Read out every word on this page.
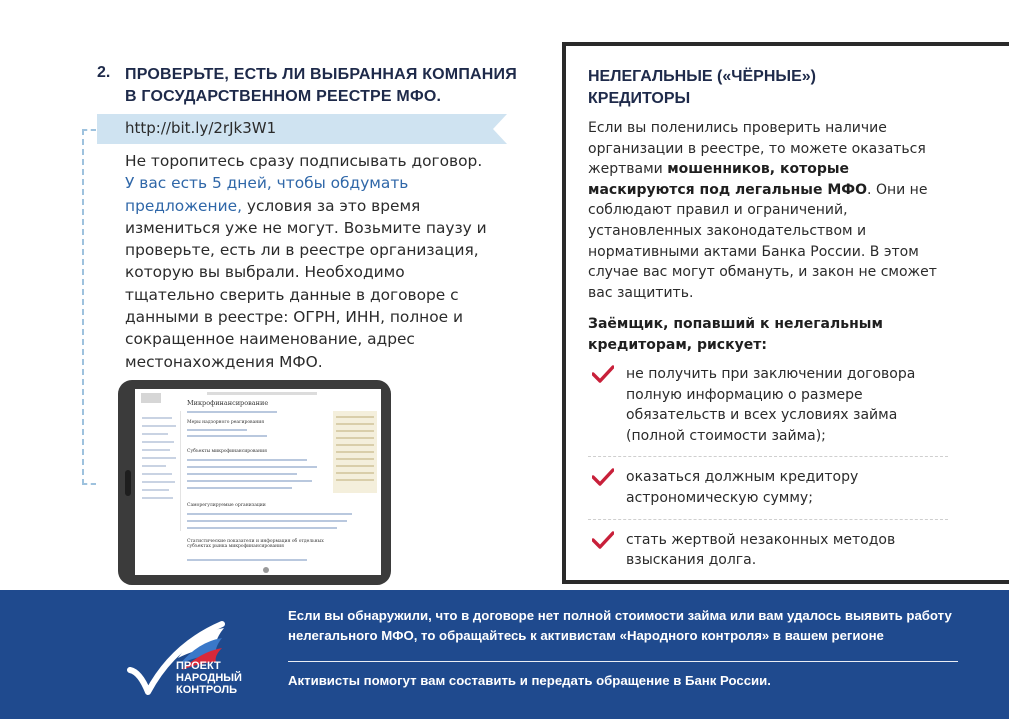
2. ПРОВЕРЬТЕ, ЕСТЬ ЛИ ВЫБРАННАЯ КОМПАНИЯ В ГОСУДАРСТВЕННОМ РЕЕСТРЕ МФО.
http://bit.ly/2rJk3W1

Не торопитесь сразу подписывать договор.
У вас есть 5 дней, чтобы обдумать предложение, условия за это время измениться уже не могут. Возьмите паузу и проверьте, есть ли в реестре организация, которую вы выбрали. Необходимо тщательно сверить данные в договоре с данными в реестре: ОГРН, ИНН, полное и сокращенное наименование, адрес местонахождения МФО.

Микрофинансирование
Меры надзорного реагирования
Субъекты микрофинансирования
Саморегулируемые организации
Статистические показатели и информация об отдельных субъектах рынка микрофинансирования
НЕЛЕГАЛЬНЫЕ («ЧЁРНЫЕ») КРЕДИТОРЫ

Если вы поленились проверить наличие организации в реестре, то можете оказаться жертвами мошенников, которые маскируются под легальные МФО. Они не соблюдают правил и ограничений, установленных законодательством и нормативными актами Банка России. В этом случае вас могут обмануть, и закон не сможет вас защитить.

Заёмщик, попавший к нелегальным кредиторам, рискует:
не получить при заключении договора полную информацию о размере обязательств и всех условиях займа (полной стоимости займа);
оказаться должным кредитору астрономическую сумму;
стать жертвой незаконных методов взыскания долга.
ПРОЕКТ
НАРОДНЫЙ
КОНТРОЛЬ
Если вы обнаружили, что в договоре нет полной стоимости займа или вам удалось выявить работу нелегального МФО, то обращайтесь к активистам «Народного контроля» в вашем регионе
Активисты помогут вам составить и передать обращение в Банк России.
